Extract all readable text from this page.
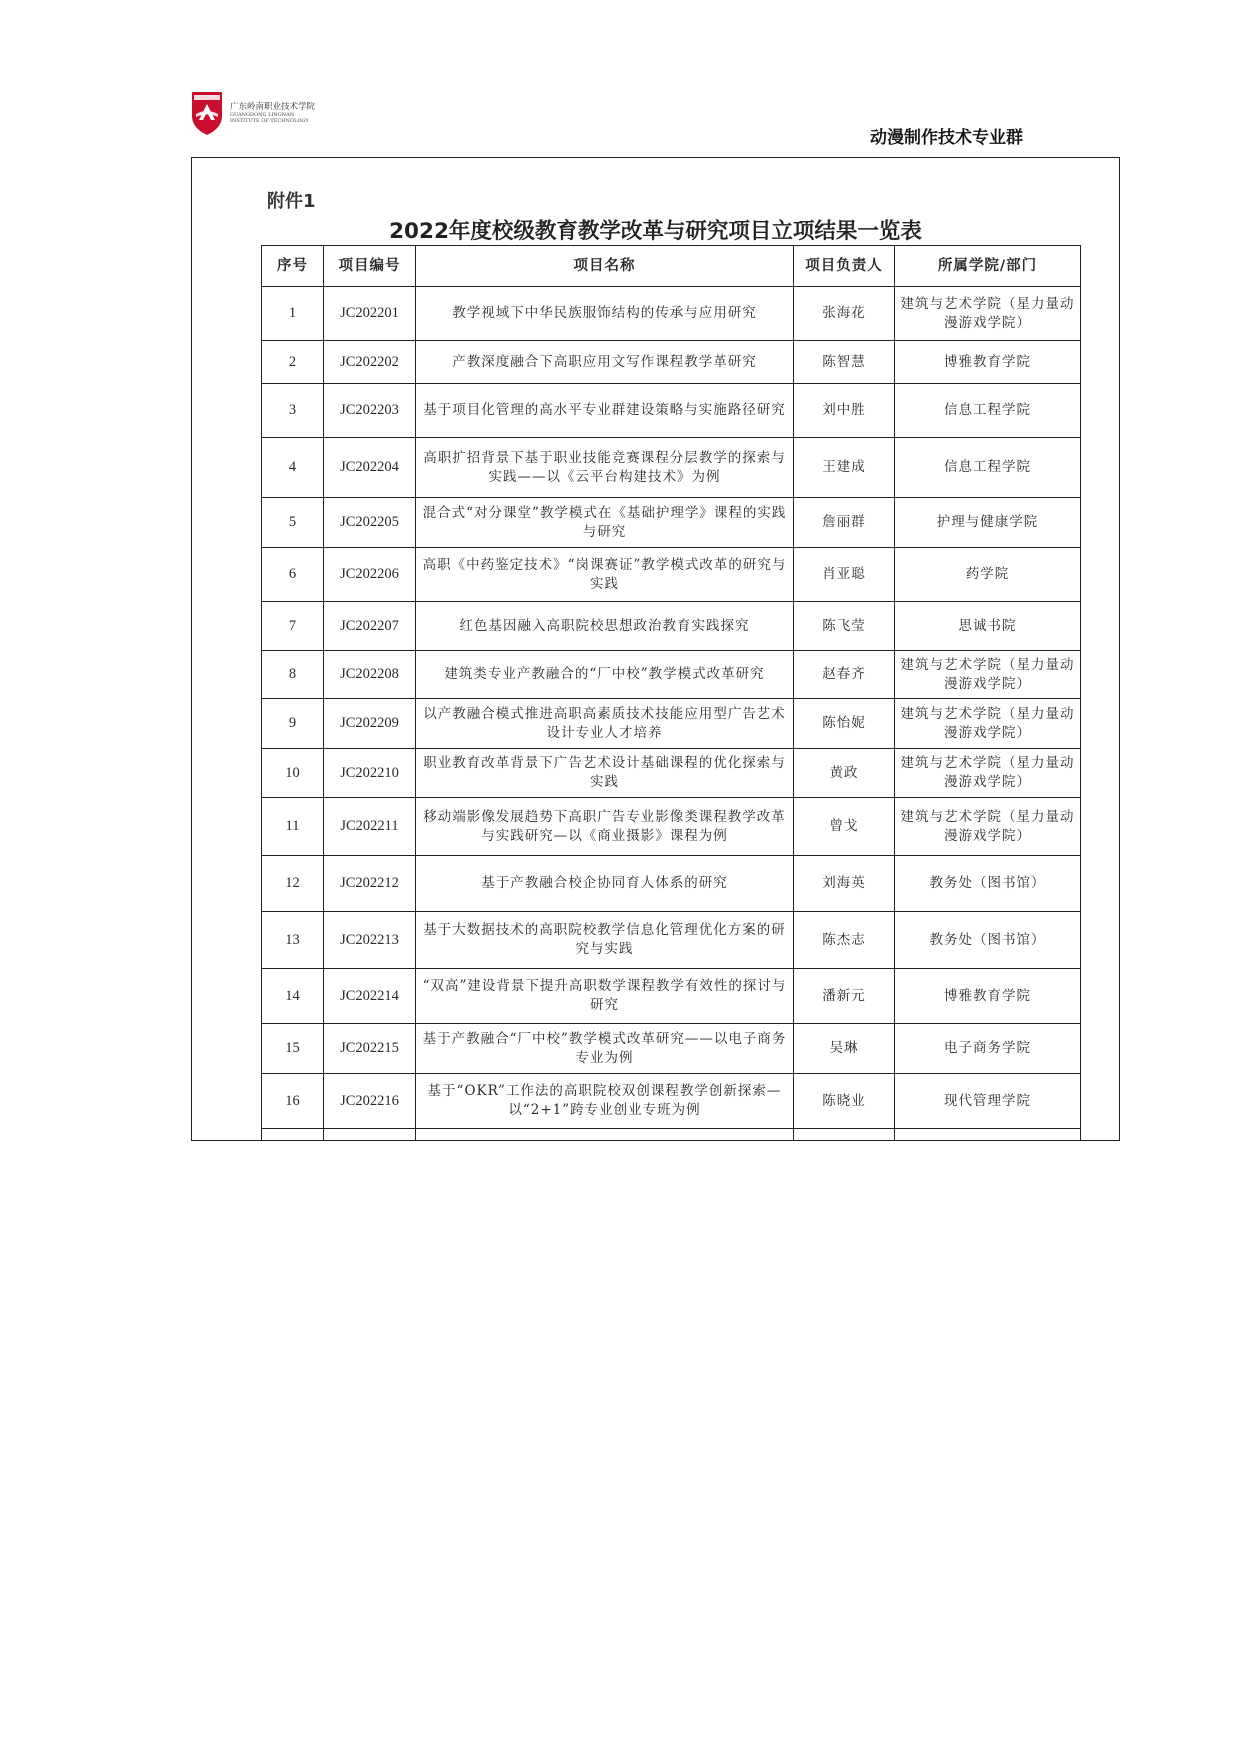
广东岭南职业技术学院
GUANGDONG LINGNAN
INSTITUTE OF TECHNOLOGY
动漫制作技术专业群
附件1
2022年度校级教育教学改革与研究项目立项结果一览表
序号	项目编号	项目名称	项目负责人	所属学院/部门
1	JC202201	教学视域下中华民族服饰结构的传承与应用研究	张海花	建筑与艺术学院（星力量动漫游戏学院）
2	JC202202	产教深度融合下高职应用文写作课程教学革研究	陈智慧	博雅教育学院
3	JC202203	基于项目化管理的高水平专业群建设策略与实施路径研究	刘中胜	信息工程学院
4	JC202204	高职扩招背景下基于职业技能竞赛课程分层教学的探索与实践——以《云平台构建技术》为例	王建成	信息工程学院
5	JC202205	混合式“对分课堂”教学模式在《基础护理学》课程的实践与研究	詹丽群	护理与健康学院
6	JC202206	高职《中药鉴定技术》“岗课赛证”教学模式改革的研究与实践	肖亚聪	药学院
7	JC202207	红色基因融入高职院校思想政治教育实践探究	陈飞莹	思诚书院
8	JC202208	建筑类专业产教融合的“厂中校”教学模式改革研究	赵春齐	建筑与艺术学院（星力量动漫游戏学院）
9	JC202209	以产教融合模式推进高职高素质技术技能应用型广告艺术设计专业人才培养	陈怡妮	建筑与艺术学院（星力量动漫游戏学院）
10	JC202210	职业教育改革背景下广告艺术设计基础课程的优化探索与实践	黄政	建筑与艺术学院（星力量动漫游戏学院）
11	JC202211	移动端影像发展趋势下高职广告专业影像类课程教学改革与实践研究—以《商业摄影》课程为例	曾戈	建筑与艺术学院（星力量动漫游戏学院）
12	JC202212	基于产教融合校企协同育人体系的研究	刘海英	教务处（图书馆）
13	JC202213	基于大数据技术的高职院校教学信息化管理优化方案的研究与实践	陈杰志	教务处（图书馆）
14	JC202214	“双高”建设背景下提升高职数学课程教学有效性的探讨与研究	潘新元	博雅教育学院
15	JC202215	基于产教融合“厂中校”教学模式改革研究——以电子商务专业为例	吴琳	电子商务学院
16	JC202216	基于“OKR”工作法的高职院校双创课程教学创新探索—以“2+1”跨专业创业专班为例	陈晓业	现代管理学院
